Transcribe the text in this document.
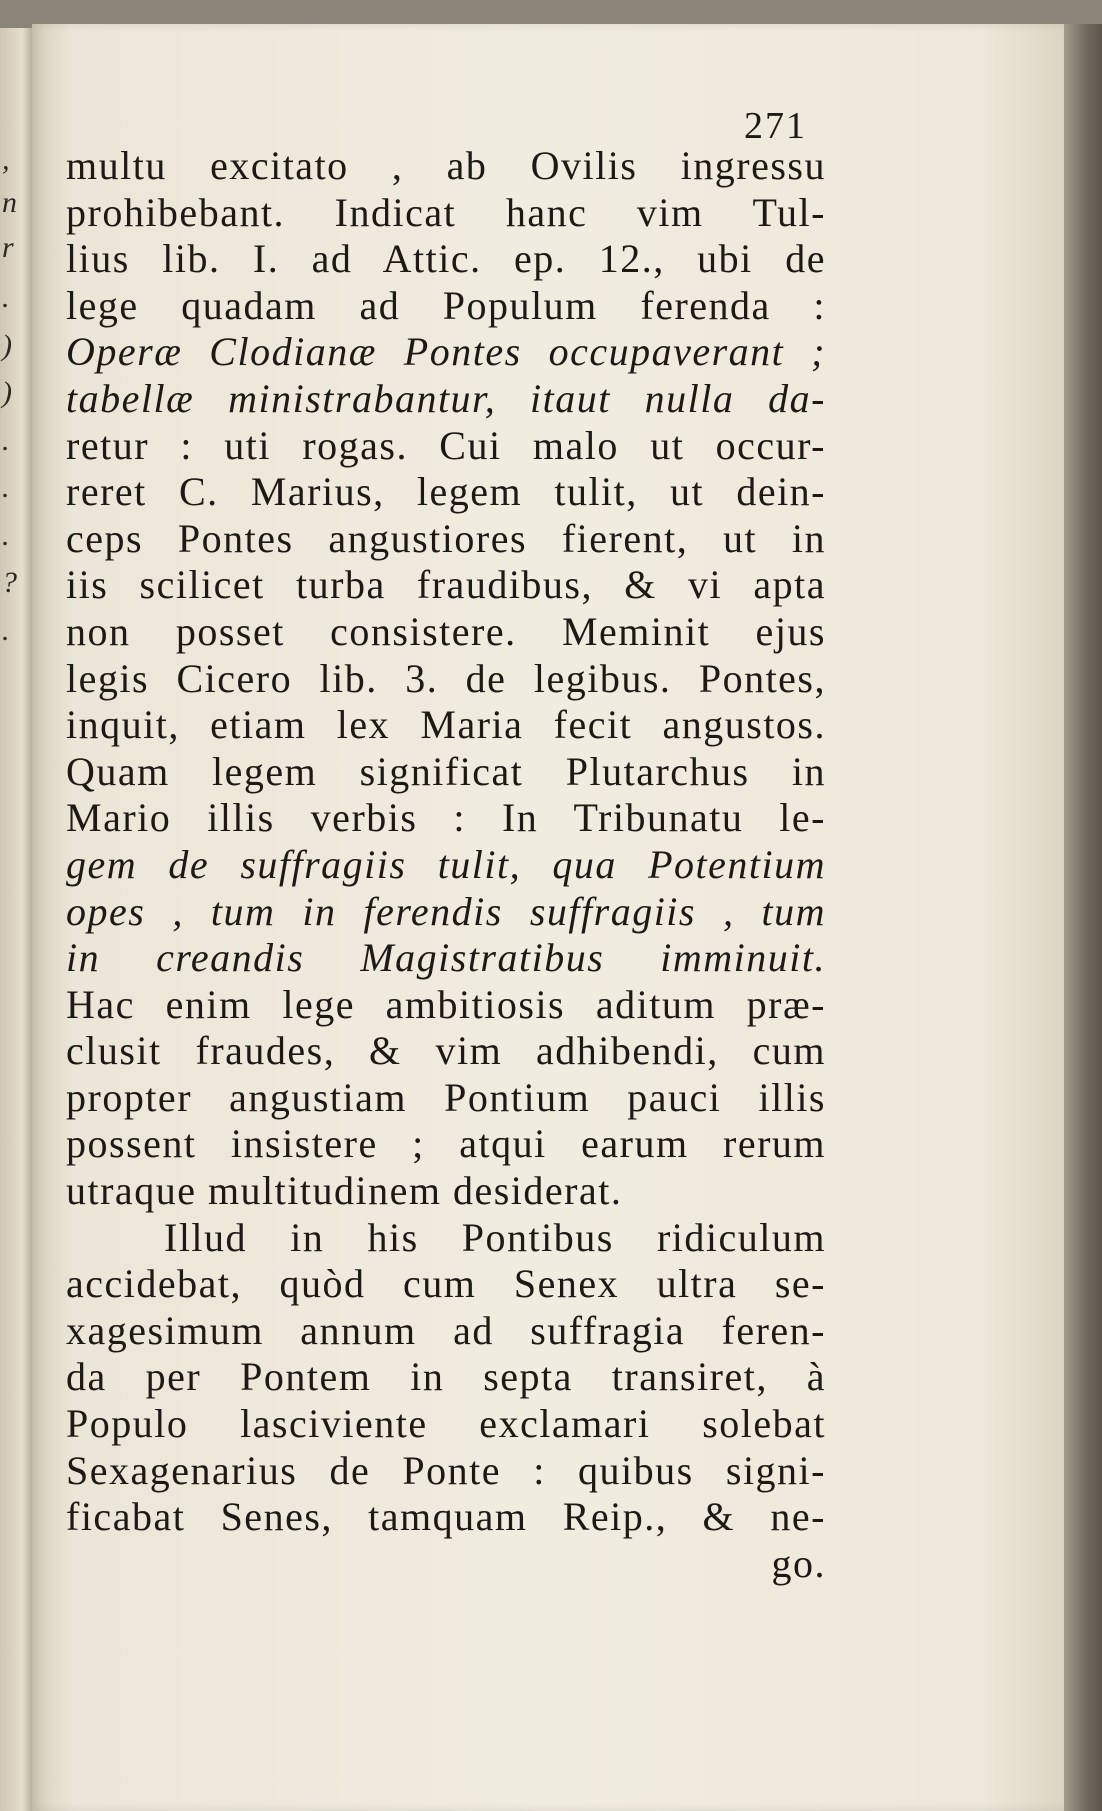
,
n
r
.
)
)
.
.
.
?
.
271
multu excitato , ab Ovilis ingressu
prohibebant. Indicat hanc vim Tul-
lius lib. I. ad Attic. ep. 12., ubi de
lege quadam ad Populum ferenda :
Operæ Clodianæ Pontes occupaverant ;
tabellæ ministrabantur, itaut nulla da-
retur : uti rogas. Cui malo ut occur-
reret C. Marius, legem tulit, ut dein-
ceps Pontes angustiores fierent, ut in
iis scilicet turba fraudibus, & vi apta
non posset consistere. Meminit ejus
legis Cicero lib. 3. de legibus. Pontes,
inquit, etiam lex Maria fecit angustos.
Quam legem significat Plutarchus in
Mario illis verbis : In Tribunatu le-
gem de suffragiis tulit, qua Potentium
opes , tum in ferendis suffragiis , tum
in creandis Magistratibus imminuit.
Hac enim lege ambitiosis aditum præ-
clusit fraudes, & vim adhibendi, cum
propter angustiam Pontium pauci illis
possent insistere ; atqui earum rerum
utraque multitudinem desiderat.
Illud in his Pontibus ridiculum
accidebat, quòd cum Senex ultra se-
xagesimum annum ad suffragia feren-
da per Pontem in septa transiret, à
Populo lasciviente exclamari solebat
Sexagenarius de Ponte : quibus signi-
ficabat Senes, tamquam Reip., & ne-
go.
